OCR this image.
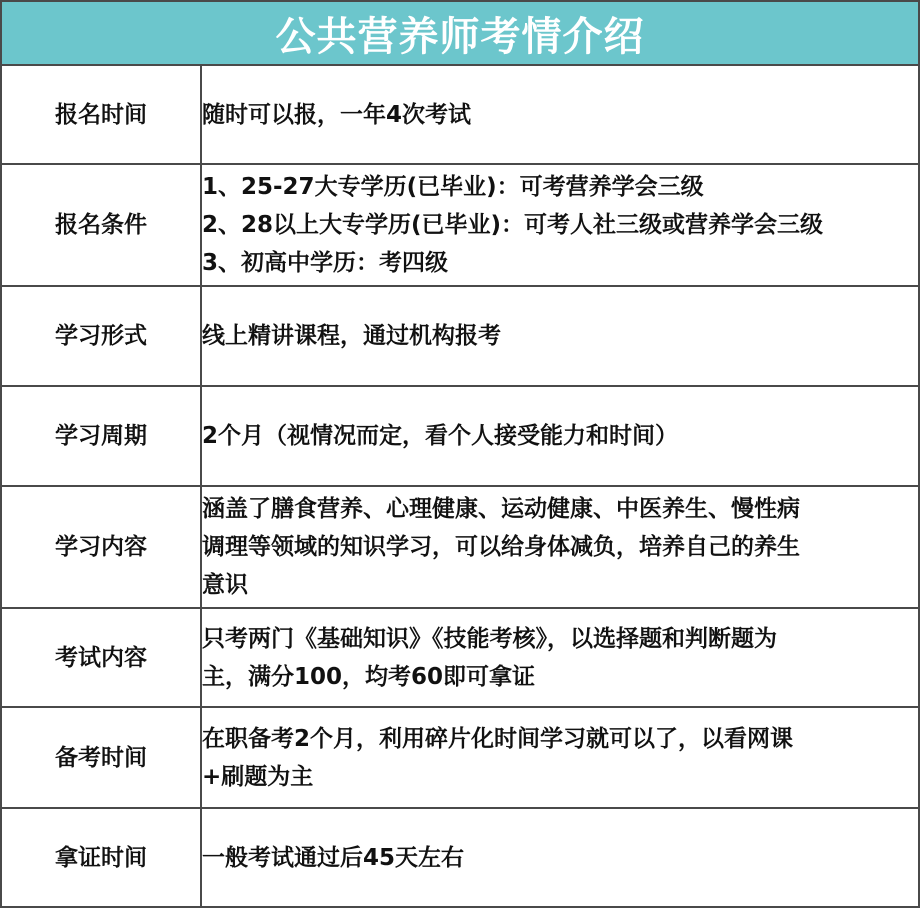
公共营养师考情介绍
报名时间	随时可以报，一年4次考试
报名条件	1、25-27大专学历(已毕业)：可考营养学会三级
2、28以上大专学历(已毕业)：可考人社三级或营养学会三级
3、初高中学历：考四级
学习形式	线上精讲课程，通过机构报考
学习周期	2个月（视情况而定，看个人接受能力和时间）
学习内容	涵盖了膳食营养、心理健康、运动健康、中医养生、慢性病
调理等领域的知识学习，可以给身体减负，培养自己的养生
意识
考试内容	只考两门《基础知识》《技能考核》，以选择题和判断题为
主，满分100，均考60即可拿证
备考时间	在职备考2个月，利用碎片化时间学习就可以了，以看网课
+刷题为主
拿证时间	一般考试通过后45天左右
